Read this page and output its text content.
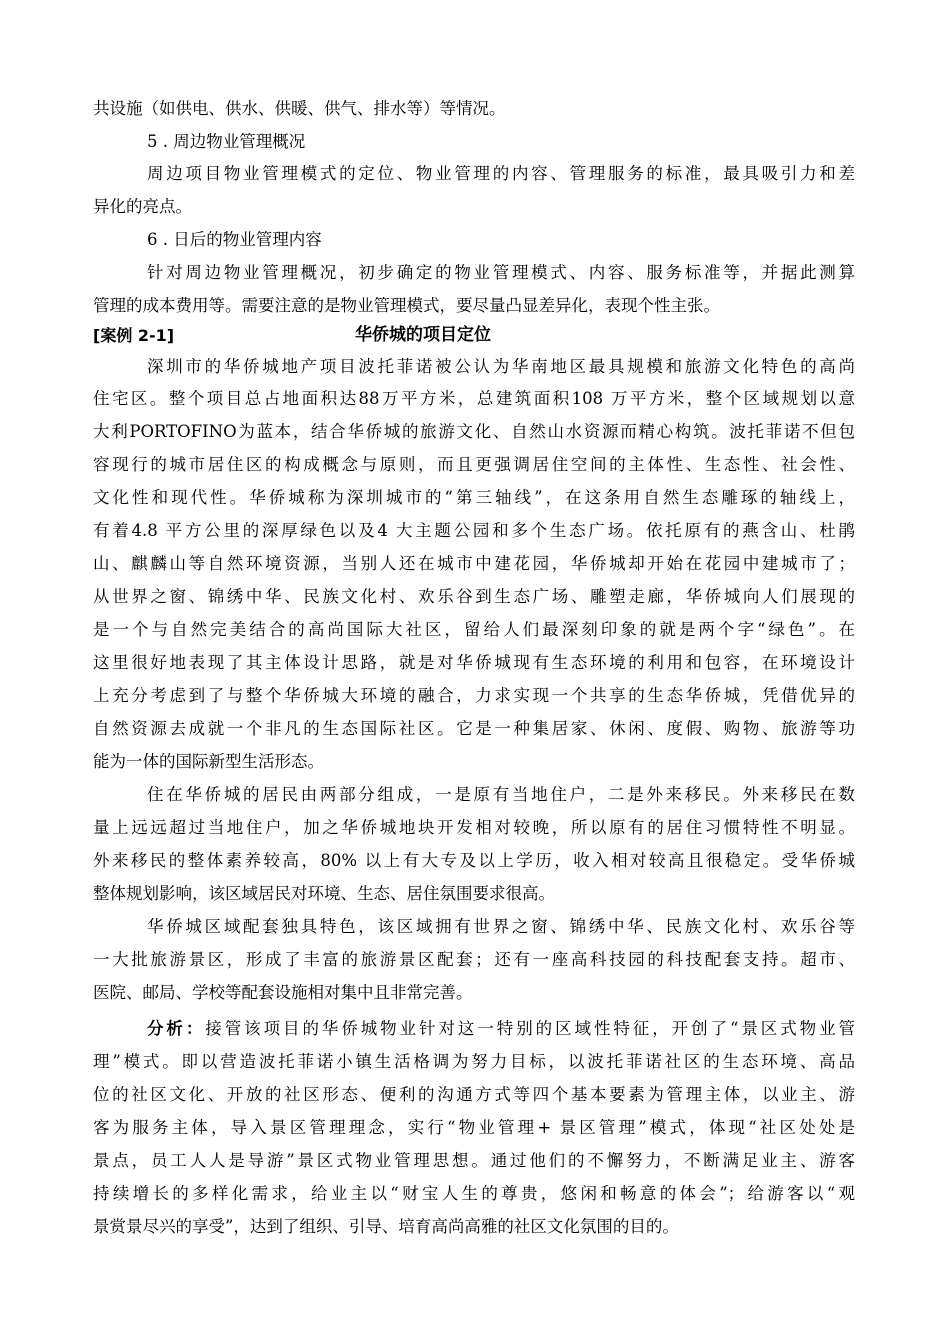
共设施（如供电、供水、供暖、供气、排水等）等情况。
5 . 周边物业管理概况
周边项目物业管理模式的定位、物业管理的内容、管理服务的标准，最具吸引力和差
异化的亮点。
6 . 日后的物业管理内容
针对周边物业管理概况，初步确定的物业管理模式、内容、服务标准等，并据此测算
管理的成本费用等。需要注意的是物业管理模式，要尽量凸显差异化，表现个性主张。
[案例 2-1]	华侨城的项目定位
深圳市的华侨城地产项目波托菲诺被公认为华南地区最具规模和旅游文化特色的高尚
住宅区。整个项目总占地面积达88万平方米，总建筑面积108 万平方米，整个区域规划以意
大利PORTOFINO为蓝本，结合华侨城的旅游文化、自然山水资源而精心构筑。波托菲诺不但包
容现行的城市居住区的构成概念与原则，而且更强调居住空间的主体性、生态性、社会性、
文化性和现代性。华侨城称为深圳城市的“第三轴线”，在这条用自然生态雕琢的轴线上，
有着4.8 平方公里的深厚绿色以及4 大主题公园和多个生态广场。依托原有的燕含山、杜鹃
山、麒麟山等自然环境资源，当别人还在城市中建花园，华侨城却开始在花园中建城市了；
从世界之窗、锦绣中华、民族文化村、欢乐谷到生态广场、雕塑走廊，华侨城向人们展现的
是一个与自然完美结合的高尚国际大社区，留给人们最深刻印象的就是两个字“绿色”。在
这里很好地表现了其主体设计思路，就是对华侨城现有生态环境的利用和包容，在环境设计
上充分考虑到了与整个华侨城大环境的融合，力求实现一个共享的生态华侨城，凭借优异的
自然资源去成就一个非凡的生态国际社区。它是一种集居家、休闲、度假、购物、旅游等功
能为一体的国际新型生活形态。
住在华侨城的居民由两部分组成，一是原有当地住户，二是外来移民。外来移民在数
量上远远超过当地住户，加之华侨城地块开发相对较晚，所以原有的居住习惯特性不明显。
外来移民的整体素养较高，80% 以上有大专及以上学历，收入相对较高且很稳定。受华侨城
整体规划影响，该区域居民对环境、生态、居住氛围要求很高。
华侨城区域配套独具特色，该区域拥有世界之窗、锦绣中华、民族文化村、欢乐谷等
一大批旅游景区，形成了丰富的旅游景区配套；还有一座高科技园的科技配套支持。超市、
医院、邮局、学校等配套设施相对集中且非常完善。
分析：接管该项目的华侨城物业针对这一特别的区域性特征，开创了“景区式物业管
理”模式。即以营造波托菲诺小镇生活格调为努力目标，以波托菲诺社区的生态环境、高品
位的社区文化、开放的社区形态、便利的沟通方式等四个基本要素为管理主体，以业主、游
客为服务主体，导入景区管理理念，实行“物业管理+ 景区管理”模式，体现“社区处处是
景点，员工人人是导游”景区式物业管理思想。通过他们的不懈努力，不断满足业主、游客
持续增长的多样化需求，给业主以“财宝人生的尊贵，悠闲和畅意的体会”；给游客以“观
景赏景尽兴的享受”，达到了组织、引导、培育高尚高雅的社区文化氛围的目的。
